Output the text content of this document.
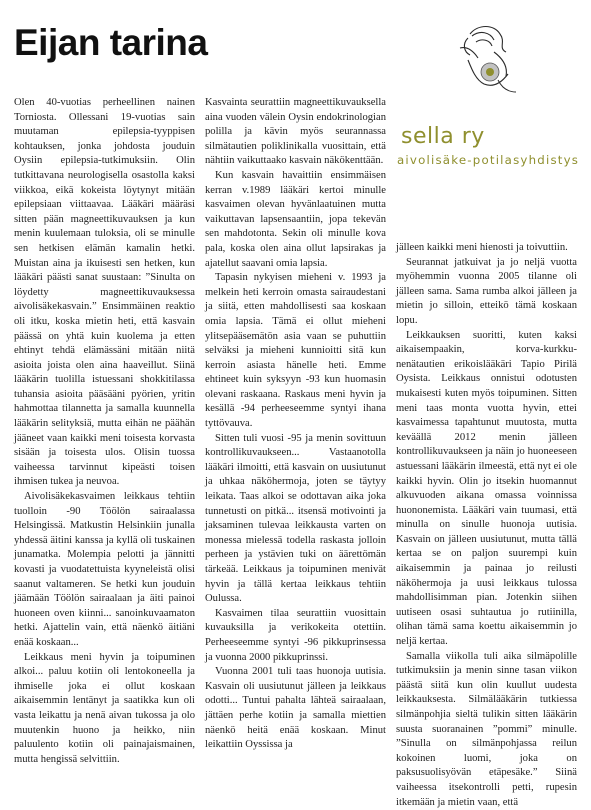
Eijan tarina
sella ry
aivolisäke-potilasyhdistys

Olen 40-vuotias perheellinen nainen Torniosta. Ollessani 19-vuotias sain muutaman epilepsia-tyyppisen kohtauksen, jonka johdosta jouduin Oysiin epilepsia-tutkimuksiin. Olin tutkittavana neurologisella osastolla kaksi viikkoa, eikä kokeista löytynyt mitään epilepsiaan viittaavaa. Lääkäri määräsi sitten pään magneettikuvauksen ja kun menin kuulemaan tuloksia, oli se minulle sen hetkisen elämän kamalin hetki. Muistan aina ja ikuisesti sen hetken, kun lääkäri päästi sanat suustaan: ”Sinulta on löydetty magneettikuvauksessa aivolisäkekasvain.” Ensimmäinen reaktio oli itku, koska mietin heti, että kasvain päässä on yhtä kuin kuolema ja etten ehtinyt tehdä elämässäni mitään niitä asioita joista olen aina haaveillut. Siinä lääkärin tuolilla istuessani shokkitilassa tuhansia asioita pääsääni pyörien, yritin hahmottaa tilannetta ja samalla kuunnella lääkärin selityksiä, mutta eihän ne päähän jääneet vaan kaikki meni toisesta korvasta sisään ja toisesta ulos. Olisin tuossa vaiheessa tarvinnut kipeästi toisen ihmisen tukea ja neuvoa.

Aivolisäkekasvaimen leikkaus tehtiin tuolloin -90 Töölön sairaalassa Helsingissä. Matkustin Helsinkiin junalla yhdessä äitini kanssa ja kyllä oli tuskainen junamatka. Molempia pelotti ja jännitti kovasti ja vuodatettuista kyyneleistä olisi saanut valtameren. Se hetki kun jouduin jäämään Töölön sairaalaan ja äiti painoi huoneen oven kiinni... sanoinkuvaamaton hetki. Ajattelin vain, että näenkö äitiäni enää koskaan...

Leikkaus meni hyvin ja toipuminen alkoi... paluu kotiin oli lentokoneella ja ihmiselle joka ei ollut koskaan aikaisemmin lentänyt ja saatikka kun oli vasta leikattu ja nenä aivan tukossa ja olo muutenkin huono ja heikko, niin paluulento kotiin oli painajaismainen, mutta hengissä selvittiin.

Kasvainta seurattiin magneettikuvauksella aina vuoden välein Oysin endokrinologian polilla ja kävin myös seurannassa silmätautien poliklinikalla vuosittain, että nähtiin vaikuttaako kasvain näkökenttään.

Kun kasvain havaittiin ensimmäisen kerran v.1989 lääkäri kertoi minulle kasvaimen olevan hyvänlaatuinen mutta vaikuttavan lapsensaantiin, jopa tekevän sen mahdotonta. Sekin oli minulle kova pala, koska olen aina ollut lapsirakas ja ajatellut saavani omia lapsia.

Tapasin nykyisen mieheni v. 1993 ja melkein heti kerroin omasta sairaudestani ja siitä, etten mahdollisesti saa koskaan omia lapsia. Tämä ei ollut mieheni ylitsepääsemätön asia vaan se puhuttiin selväksi ja mieheni kunnioitti sitä kun kerroin asiasta hänelle heti. Emme ehtineet kuin syksyyn -93 kun huomasin olevani raskaana. Raskaus meni hyvin ja kesällä -94 perheeseemme syntyi ihana tyttövauva.

Sitten tuli vuosi -95 ja menin sovittuun kontrollikuvaukseen... Vastaanotolla lääkäri ilmoitti, että kasvain on uusiutunut ja uhkaa näköhermoja, joten se täytyy leikata. Taas alkoi se odottavan aika joka tunnetusti on pitkä... itsensä motivointi ja jaksaminen tulevaa leikkausta varten on monessa mielessä todella raskasta jolloin perheen ja ystävien tuki on äärettömän tärkeää. Leikkaus ja toipuminen menivät hyvin ja tällä kertaa leikkaus tehtiin Oulussa.

Kasvaimen tilaa seurattiin vuosittain kuvauksilla ja verikokeita otettiin. Perheeseemme syntyi -96 pikkuprinsessa ja vuonna 2000 pikkuprinssi.

Vuonna 2001 tuli taas huonoja uutisia. Kasvain oli uusiutunut jälleen ja leikkaus odotti... Tuntui pahalta lähteä sairaalaan, jättäen perhe kotiin ja samalla miettien näenkö heitä enää koskaan. Minut leikattiin Oyssissa ja

jälleen kaikki meni hienosti ja toivuttiin.

Seurannat jatkuivat ja jo neljä vuotta myöhemmin vuonna 2005 tilanne oli jälleen sama. Sama rumba alkoi jälleen ja mietin jo silloin, etteikö tämä koskaan lopu.

Leikkauksen suoritti, kuten kaksi aikaisempaakin, korva-kurkku-nenätautien erikoislääkäri Tapio Pirilä Oysista. Leikkaus onnistui odotusten mukaisesti kuten myös toipuminen. Sitten meni taas monta vuotta hyvin, ettei kasvaimessa tapahtunut muutosta, mutta keväällä 2012 menin jälleen kontrollikuvaukseen ja näin jo huoneeseen astuessani lääkärin ilmeestä, että nyt ei ole kaikki hyvin. Olin jo itsekin huomannut alkuvuoden aikana omassa voinnissa huononemista. Lääkäri vain tuumasi, että minulla on sinulle huonoja uutisia. Kasvain on jälleen uusiutunut, mutta tällä kertaa se on paljon suurempi kuin aikaisemmin ja painaa jo reilusti näköhermoja ja uusi leikkaus tulossa mahdollisimman pian. Jotenkin siihen uutiseen osasi suhtautua jo rutiinilla, olihan tämä sama koettu aikaisemmin jo neljä kertaa.

Samalla viikolla tuli aika silmäpolille tutkimuksiin ja menin sinne tasan viikon päästä siitä kun olin kuullut uudesta leikkauksesta. Silmälääkärin tutkiessa silmänpohjia sieltä tulikin sitten lääkärin suusta suoranainen ”pommi” minulle. ”Sinulla on silmänpohjassa reilun kokoinen luomi, joka on paksusuolisyövän etäpesäke.” Siinä vaiheessa itsekontrolli petti, rupesin itkemään ja mietin vaan, että
